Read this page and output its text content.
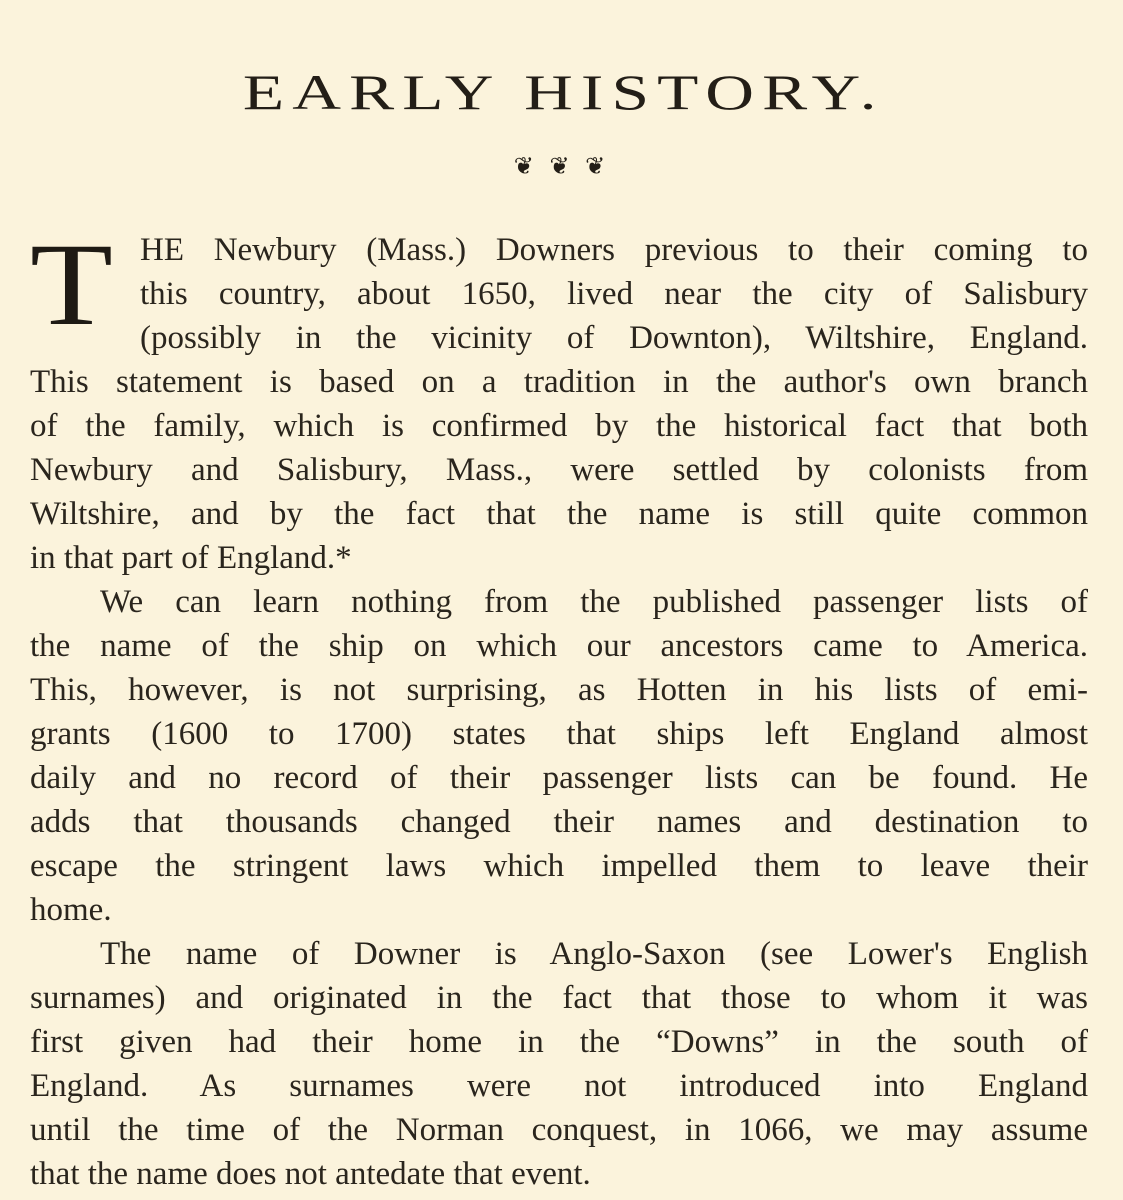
EARLY HISTORY.
❦ ❦ ❦
T HE Newbury (Mass.) Downers previous to their coming to
this country, about 1650, lived near the city of Salisbury
(possibly in the vicinity of Downton), Wiltshire, England.
This statement is based on a tradition in the author's own branch
of the family, which is confirmed by the historical fact that both
Newbury and Salisbury, Mass., were settled by colonists from
Wiltshire, and by the fact that the name is still quite common
in that part of England.*
We can learn nothing from the published passenger lists of
the name of the ship on which our ancestors came to America.
This, however, is not surprising, as Hotten in his lists of emi-
grants (1600 to 1700) states that ships left England almost
daily and no record of their passenger lists can be found. He
adds that thousands changed their names and destination to
escape the stringent laws which impelled them to leave their
home.
The name of Downer is Anglo-Saxon (see Lower's English
surnames) and originated in the fact that those to whom it was
first given had their home in the “Downs” in the south of
England. As surnames were not introduced into England
until the time of the Norman conquest, in 1066, we may assume
that the name does not antedate that event.
